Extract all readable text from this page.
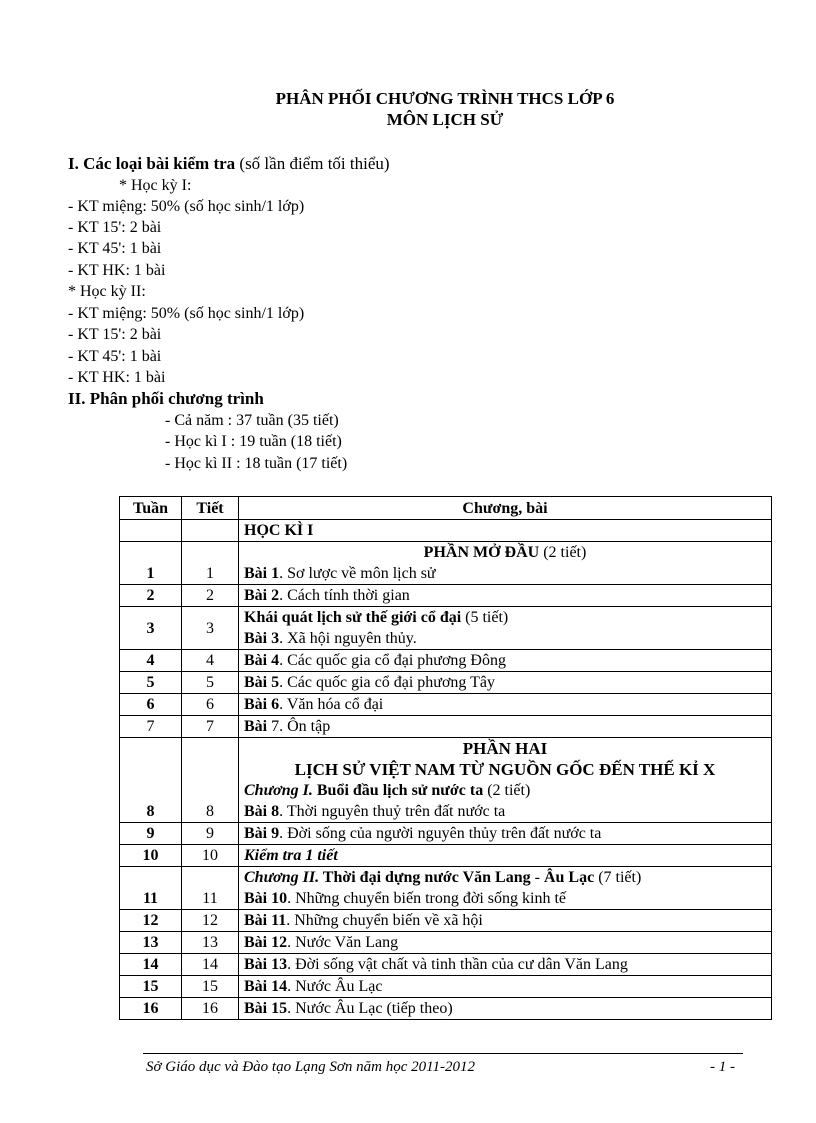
PHÂN PHỐI CHƯƠNG TRÌNH THCS LỚP 6
MÔN LỊCH SỬ
I. Các loại bài kiểm tra (số lần điểm tối thiểu)
* Học kỳ I:
- KT miệng: 50% (số học sinh/1 lớp)
- KT 15': 2 bài
- KT 45': 1 bài
- KT HK: 1 bài
* Học kỳ II:
- KT miệng: 50% (số học sinh/1 lớp)
- KT 15': 2 bài
- KT 45': 1 bài
- KT HK: 1 bài
II. Phân phối chương trình
- Cả năm : 37 tuần (35 tiết)
- Học kì I : 19 tuần (18 tiết)
- Học kì II : 18 tuần (17 tiết)
Tuần	Tiết	Chương, bài
		HỌC KÌ I
1	1	PHẦN MỞ ĐẦU (2 tiết)
Bài 1. Sơ lược về môn lịch sử

2	2	Bài 2. Cách tính thời gian
3	3	Khái quát lịch sử thế giới cổ đại (5 tiết)
Bài 3. Xã hội nguyên thủy.

4	4	Bài 4. Các quốc gia cổ đại phương Đông
5	5	Bài 5. Các quốc gia cổ đại phương Tây
6	6	Bài 6. Văn hóa cổ đại
7	7	Bài 7. Ôn tập
8	8	PHẦN HAI
LỊCH SỬ VIỆT NAM TỪ NGUỒN GỐC ĐẾN THẾ KỈ X
Chương I. Buổi đầu lịch sử nước ta (2 tiết)
Bài 8. Thời nguyên thuỷ trên đất nước ta

9	9	Bài 9. Đời sống của người nguyên thủy trên đất nước ta
10	10	Kiểm tra 1 tiết
11	11	Chương II. Thời đại dựng nước Văn Lang - Âu Lạc (7 tiết)
Bài 10. Những chuyển biến trong đời sống kinh tế

12	12	Bài 11. Những chuyển biến về xã hội
13	13	Bài 12. Nước Văn Lang
14	14	Bài 13. Đời sống vật chất và tinh thần của cư dân Văn Lang
15	15	Bài 14. Nước Âu Lạc
16	16	Bài 15. Nước Âu Lạc (tiếp theo)
Sở Giáo dục và Đào tạo Lạng Sơn năm học 2011-2012	- 1 -
